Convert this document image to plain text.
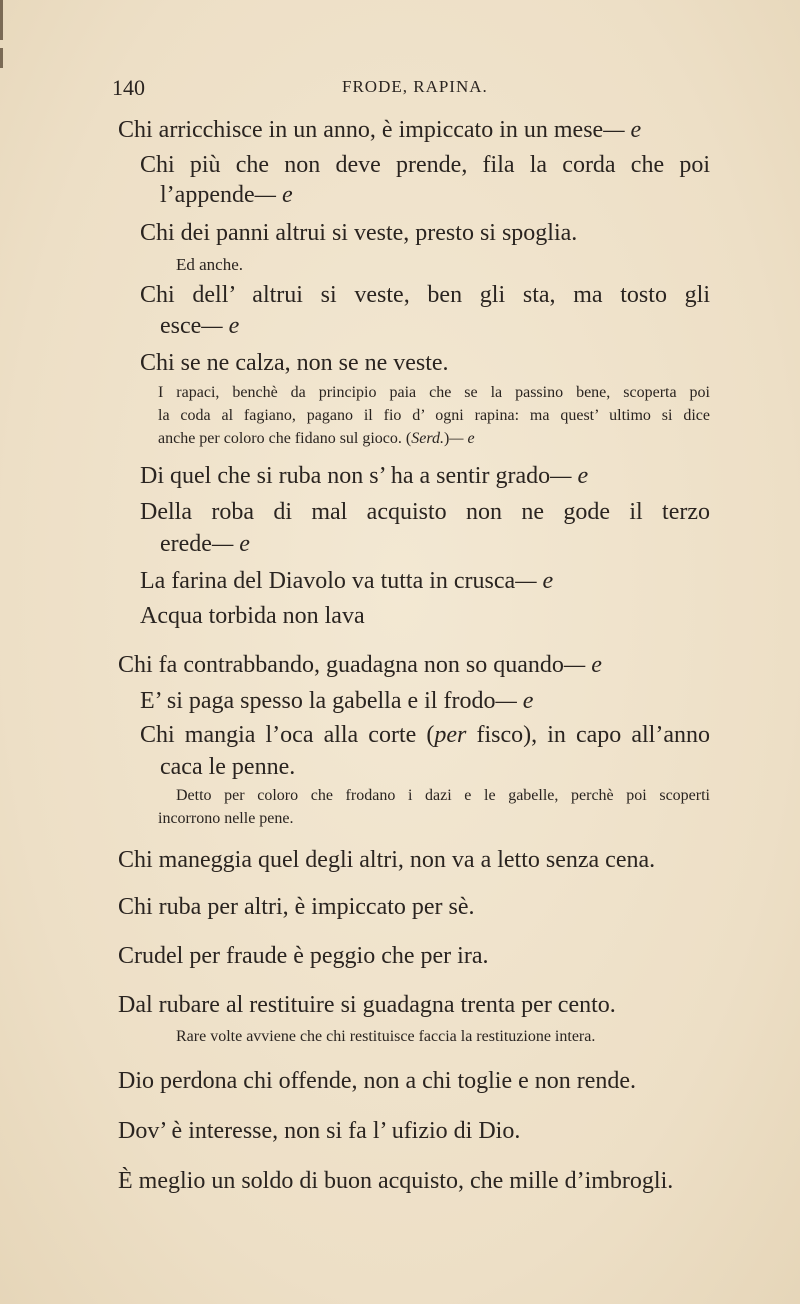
140	FRODE, RAPINA.
Chi arricchisce in un anno, è impiccato in un mese— e
Chi più che non deve prende, fila la corda che poi
l’appende— e
Chi dei panni altrui si veste, presto si spoglia.
Ed anche.
Chi dell’ altrui si veste, ben gli sta, ma tosto gli
esce— e
Chi se ne calza, non se ne veste.
I rapaci, benchè da principio paia che se la passino bene, scoperta poi
la coda al fagiano, pagano il fio d’ ogni rapina: ma quest’ ultimo si dice
anche per coloro che fidano sul gioco. (Serd.)— e
Di quel che si ruba non s’ ha a sentir grado— e
Della roba di mal acquisto non ne gode il terzo
erede— e
La farina del Diavolo va tutta in crusca— e
Acqua torbida non lava
Chi fa contrabbando, guadagna non so quando— e
E’ si paga spesso la gabella e il frodo— e
Chi mangia l’oca alla corte (per fisco), in capo all’anno
caca le penne.
Detto per coloro che frodano i dazi e le gabelle, perchè poi scoperti
incorrono nelle pene.
Chi maneggia quel degli altri, non va a letto senza cena.
Chi ruba per altri, è impiccato per sè.
Crudel per fraude è peggio che per ira.
Dal rubare al restituire si guadagna trenta per cento.
Rare volte avviene che chi restituisce faccia la restituzione intera.
Dio perdona chi offende, non a chi toglie e non rende.
Dov’ è interesse, non si fa l’ ufizio di Dio.
È meglio un soldo di buon acquisto, che mille d’imbrogli.
